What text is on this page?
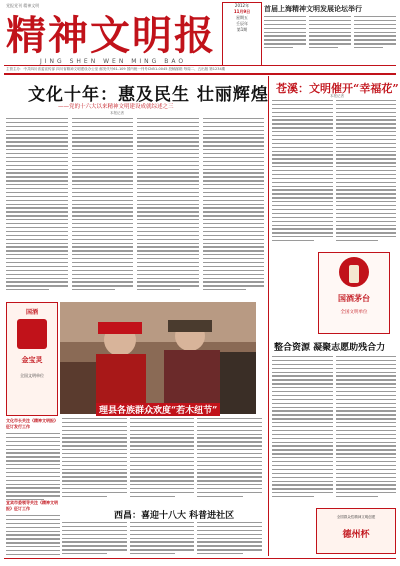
党报党刊 精神文明
精神文明报
JING SHEN WEN MING BAO
2012年
11月9日
星期五
壬辰年
第1期
首届上海精神文明发展论坛举行
主管主办：中共四川省委宣传部 四川省精神文明建设办公室 邮发代号61-109 国内统一刊号CN51-0045 投稿邮箱 每周二、五出版 第1234期
文化十年：惠及民生 壮丽辉煌
——党的十六大以来精神文明建设成就综述之三
本报记者
苍溪：文明催开“幸福花”
本报记者
国酒茅台
全国文明单位
国酒
金宝灵
全国文明单位
理县各族群众欢度“若木纽节”
整合资源 凝聚志愿助残合力
全国群众性精神文明创建
德州杯
文化市长关注《精神文明报》征订发行工作
宜宾市委领导关注《精神文明报》征订工作
西昌：喜迎十八大 科普进社区
